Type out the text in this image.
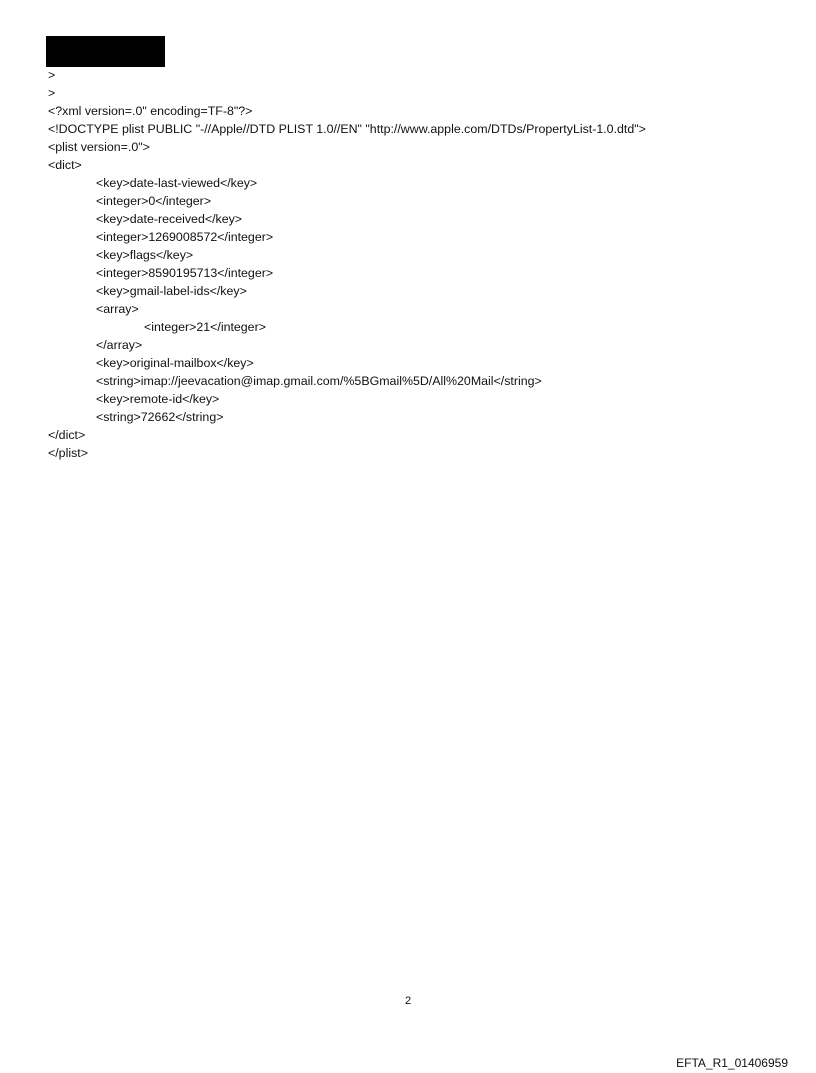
>
>
<?xml version=.0" encoding=TF-8"?>
<!DOCTYPE plist PUBLIC "-//Apple//DTD PLIST 1.0//EN" "http://www.apple.com/DTDs/PropertyList-1.0.dtd">
<plist version=.0">
<dict>
<key>date-last-viewed</key>
<integer>0</integer>
<key>date-received</key>
<integer>1269008572</integer>
<key>flags</key>
<integer>8590195713</integer>
<key>gmail-label-ids</key>
<array>
<integer>21</integer>
</array>
<key>original-mailbox</key>
<string>imap://jeevacation@imap.gmail.com/%5BGmail%5D/All%20Mail</string>
<key>remote-id</key>
<string>72662</string>
</dict>
</plist>
2
EFTA_R1_01406959
